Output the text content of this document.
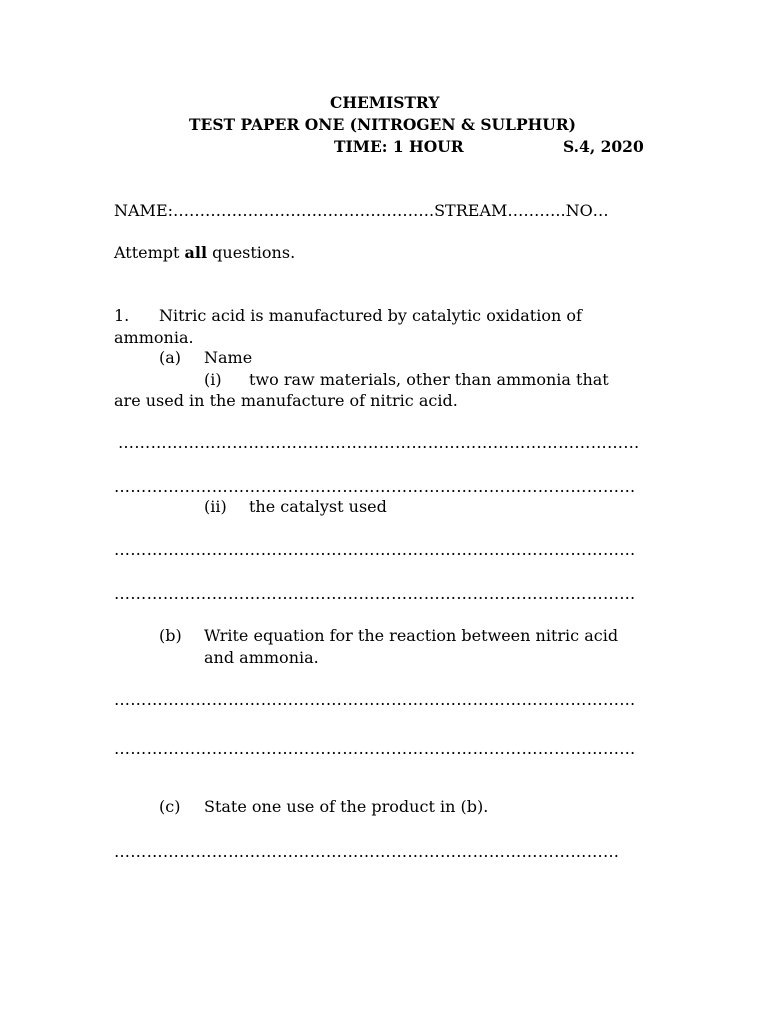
CHEMISTRY
TEST PAPER ONE (NITROGEN & SULPHUR)
TIME: 1 HOUR	S.4, 2020
NAME:………………………………………….STREAM………..NO…
Attempt all questions.
1. Nitric acid is manufactured by catalytic oxidation of
ammonia.
(a) Name
(i) two raw materials, other than ammonia that
are used in the manufacture of nitric acid.
……………………………………………………………………………………
……………………………………………………………………………………
(ii) the catalyst used
……………………………………………………………………………………
……………………………………………………………………………………
(b) Write equation for the reaction between nitric acid
and ammonia.
……………………………………………………………………………………
……………………………………………………………………………………
(c) State one use of the product in (b).
…………………………………………………………………………………
